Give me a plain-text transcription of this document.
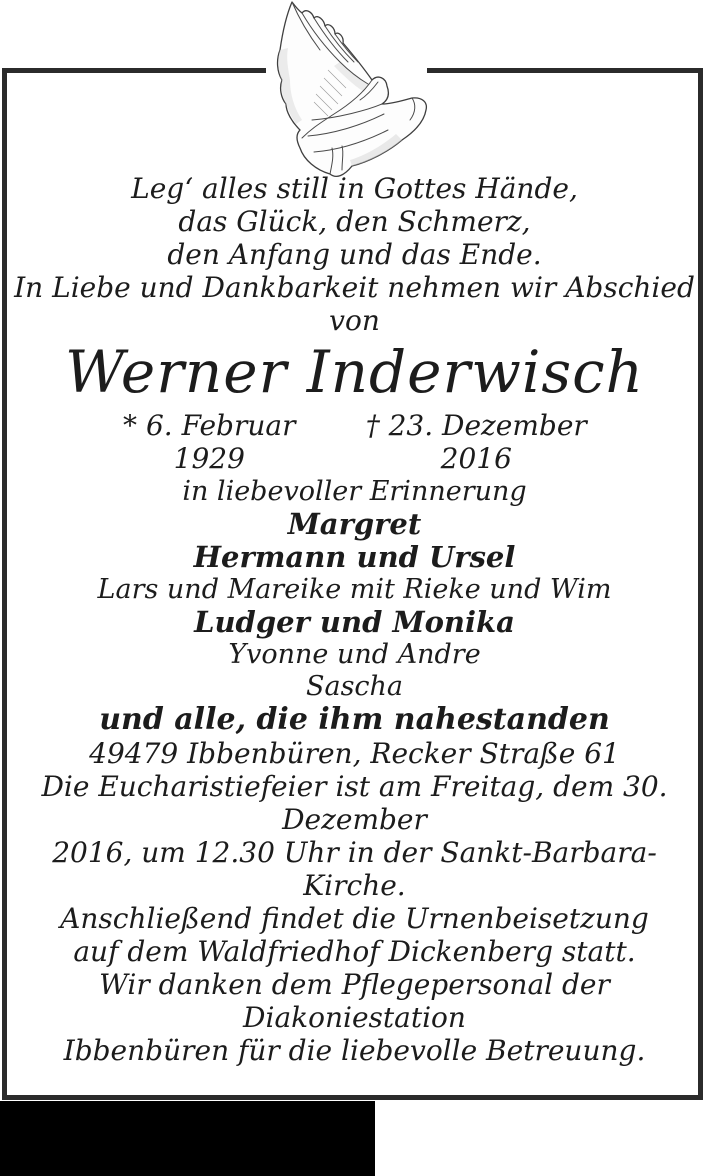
Leg‘ alles still in Gottes Hände,
das Glück, den Schmerz,
den Anfang und das Ende.

In Liebe und Dankbarkeit nehmen wir Abschied von

Werner Inderwisch
* 6. Februar 1929
† 23. Dezember 2016

in liebevoller Erinnerung

Margret

Hermann und Ursel

Lars und Mareike mit Rieke und Wim

Ludger und Monika

Yvonne und Andre

Sascha

und alle, die ihm nahestanden

49479 Ibbenbüren, Recker Straße 61

Die Eucharistiefeier ist am Freitag, dem 30. Dezember
2016, um 12.30 Uhr in der Sankt-Barbara-Kirche.

Anschließend findet die Urnenbeisetzung
auf dem Waldfriedhof Dickenberg statt.

Wir danken dem Pflegepersonal der Diakoniestation
Ibbenbüren für die liebevolle Betreuung.
